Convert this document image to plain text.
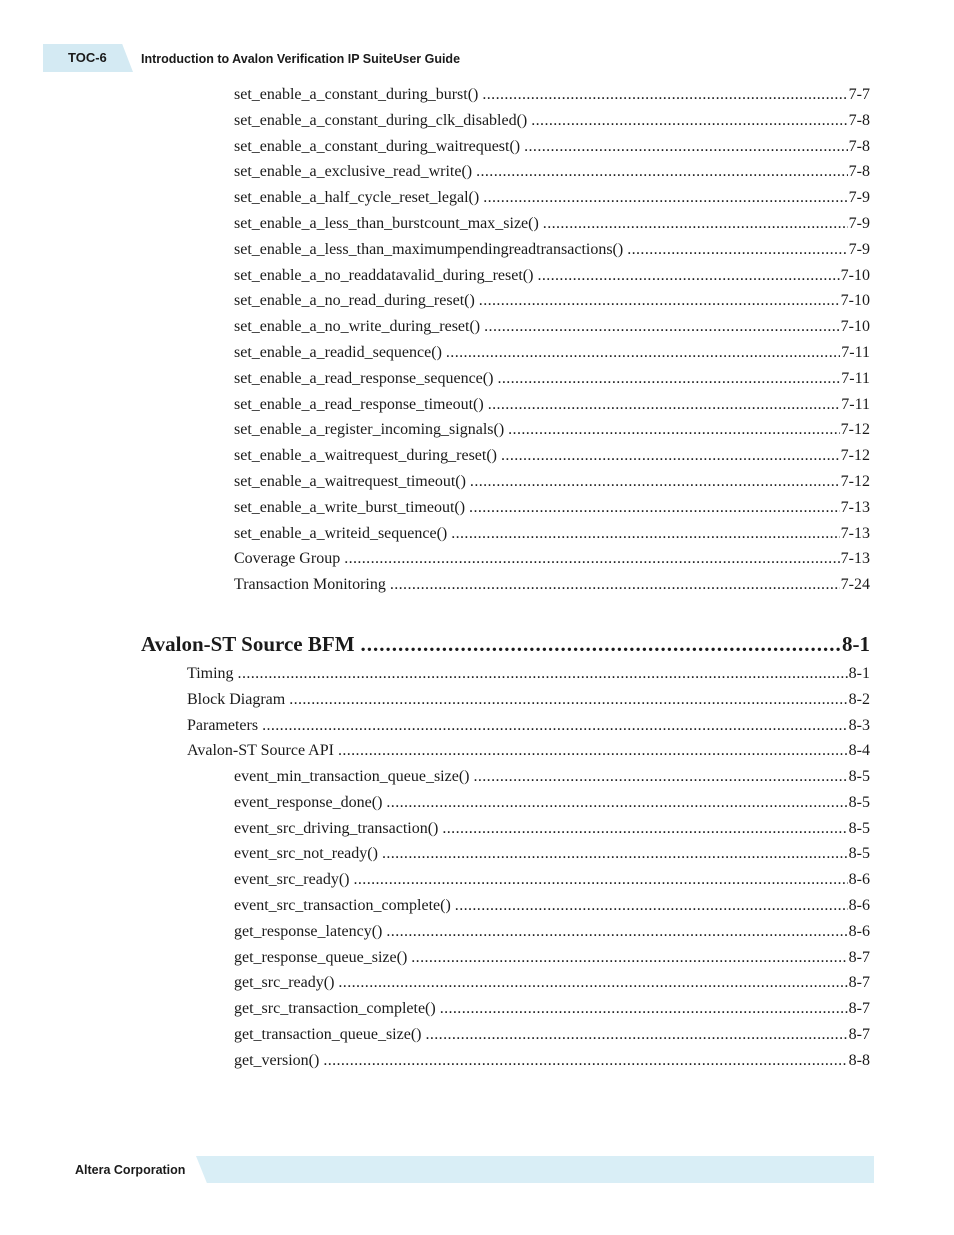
TOC-6	Introduction to Avalon Verification IP SuiteUser Guide
set_enable_a_constant_during_burst() .....	7-7
set_enable_a_constant_during_clk_disabled() .....	7-8
set_enable_a_constant_during_waitrequest() .....	7-8
set_enable_a_exclusive_read_write() .....	7-8
set_enable_a_half_cycle_reset_legal() .....	7-9
set_enable_a_less_than_burstcount_max_size() .....	7-9
set_enable_a_less_than_maximumpendingreadtransactions() .....	7-9
set_enable_a_no_readdatavalid_during_reset() .....	7-10
set_enable_a_no_read_during_reset() .....	7-10
set_enable_a_no_write_during_reset() .....	7-10
set_enable_a_readid_sequence() .....	7-11
set_enable_a_read_response_sequence() .....	7-11
set_enable_a_read_response_timeout() .....	7-11
set_enable_a_register_incoming_signals() .....	7-12
set_enable_a_waitrequest_during_reset() .....	7-12
set_enable_a_waitrequest_timeout() .....	7-12
set_enable_a_write_burst_timeout() .....	7-13
set_enable_a_writeid_sequence() .....	7-13
Coverage Group .....	7-13
Transaction Monitoring .....	7-24
Avalon-ST Source BFM .....	8-1
Timing .....	8-1
Block Diagram .....	8-2
Parameters .....	8-3
Avalon-ST Source API .....	8-4
event_min_transaction_queue_size() .....	8-5
event_response_done() .....	8-5
event_src_driving_transaction() .....	8-5
event_src_not_ready() .....	8-5
event_src_ready() .....	8-6
event_src_transaction_complete() .....	8-6
get_response_latency() .....	8-6
get_response_queue_size() .....	8-7
get_src_ready() .....	8-7
get_src_transaction_complete() .....	8-7
get_transaction_queue_size() .....	8-7
get_version() .....	8-8
Altera Corporation
